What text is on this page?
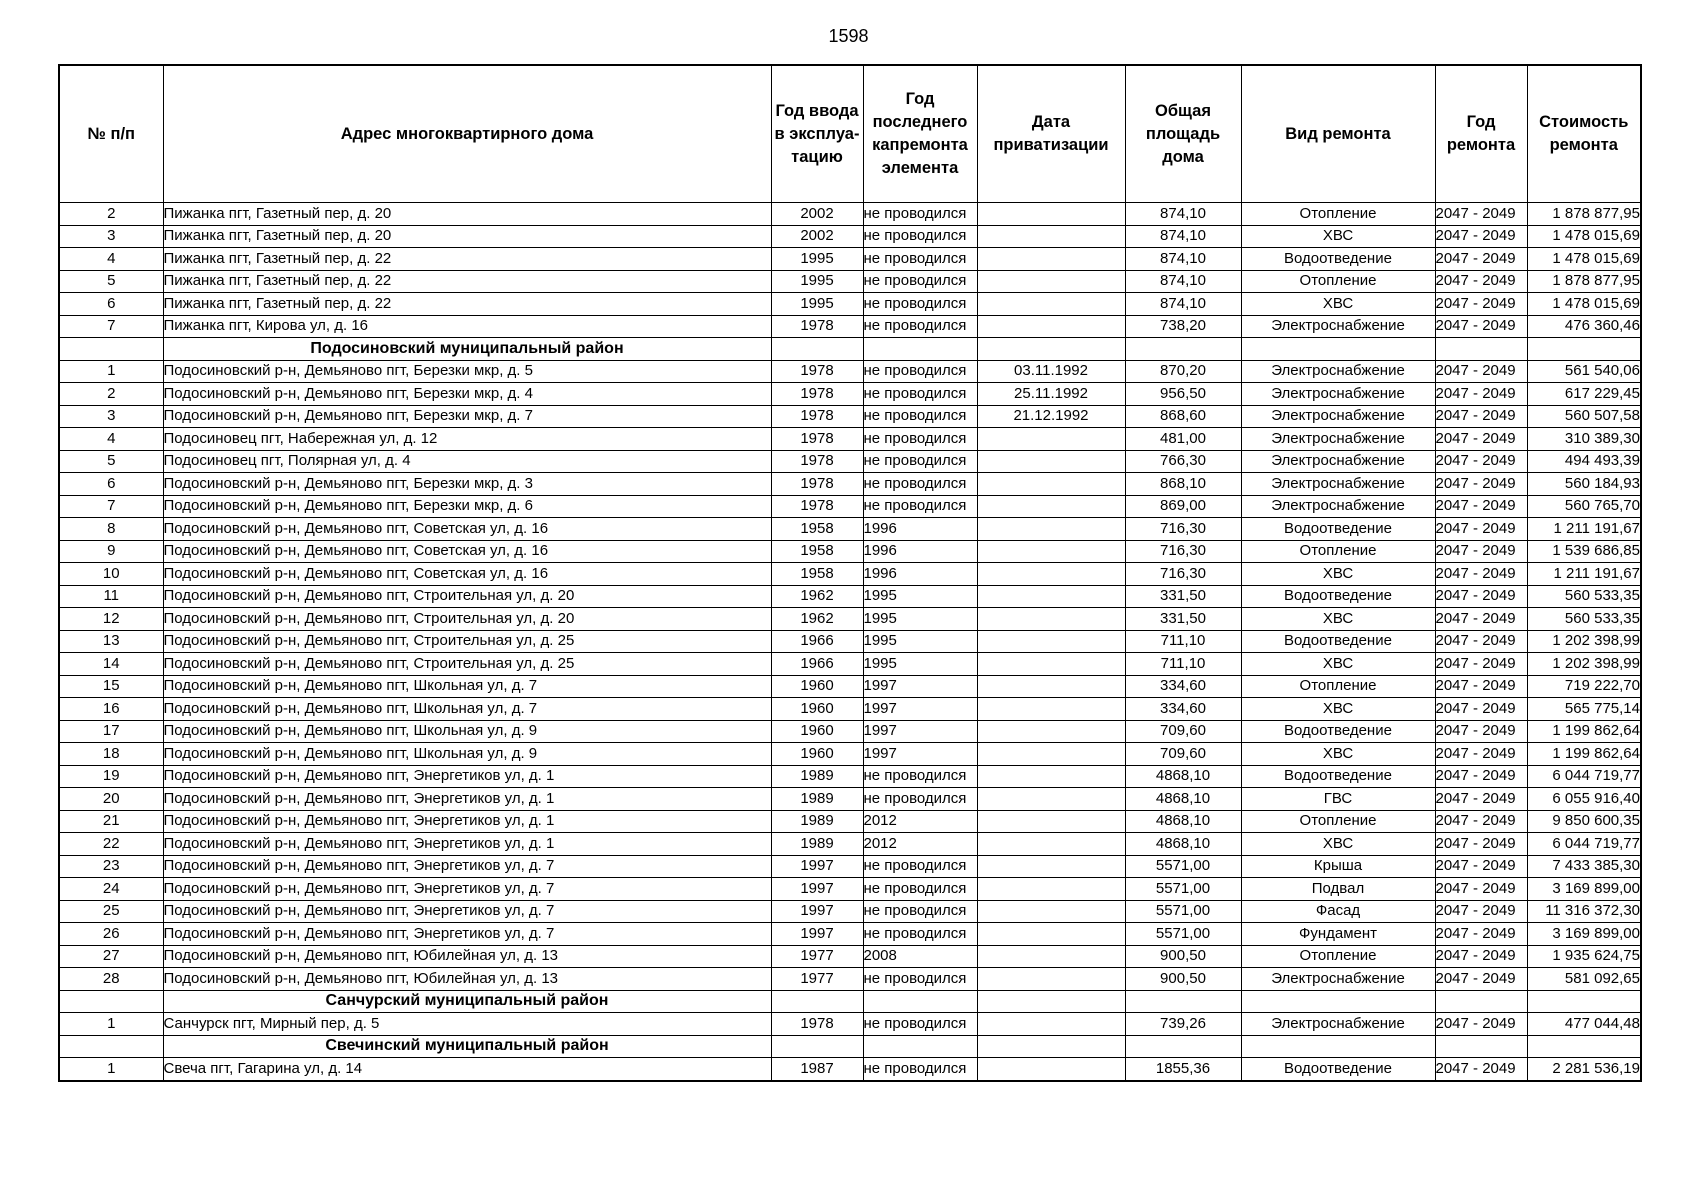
1598
№ п/п	Адрес многоквартирного дома	Год ввода в эксплуа-тацию	Год последнего капремонта элемента	Дата приватизации	Общая площадь дома	Вид ремонта	Год ремонта	Стоимость ремонта
2	Пижанка пгт, Газетный пер, д. 20	2002	не проводился		874,10	Отопление	2047 - 2049	1 878 877,95
3	Пижанка пгт, Газетный пер, д. 20	2002	не проводился		874,10	ХВС	2047 - 2049	1 478 015,69
4	Пижанка пгт, Газетный пер, д. 22	1995	не проводился		874,10	Водоотведение	2047 - 2049	1 478 015,69
5	Пижанка пгт, Газетный пер, д. 22	1995	не проводился		874,10	Отопление	2047 - 2049	1 878 877,95
6	Пижанка пгт, Газетный пер, д. 22	1995	не проводился		874,10	ХВС	2047 - 2049	1 478 015,69
7	Пижанка пгт, Кирова ул, д. 16	1978	не проводился		738,20	Электроснабжение	2047 - 2049	476 360,46
	Подосиновский муниципальный район							
1	Подосиновский р-н, Демьяново пгт, Березки мкр, д. 5	1978	не проводился	03.11.1992	870,20	Электроснабжение	2047 - 2049	561 540,06
2	Подосиновский р-н, Демьяново пгт, Березки мкр, д. 4	1978	не проводился	25.11.1992	956,50	Электроснабжение	2047 - 2049	617 229,45
3	Подосиновский р-н, Демьяново пгт, Березки мкр, д. 7	1978	не проводился	21.12.1992	868,60	Электроснабжение	2047 - 2049	560 507,58
4	Подосиновец пгт, Набережная ул, д. 12	1978	не проводился		481,00	Электроснабжение	2047 - 2049	310 389,30
5	Подосиновец пгт, Полярная ул, д. 4	1978	не проводился		766,30	Электроснабжение	2047 - 2049	494 493,39
6	Подосиновский р-н, Демьяново пгт, Березки мкр, д. 3	1978	не проводился		868,10	Электроснабжение	2047 - 2049	560 184,93
7	Подосиновский р-н, Демьяново пгт, Березки мкр, д. 6	1978	не проводился		869,00	Электроснабжение	2047 - 2049	560 765,70
8	Подосиновский р-н, Демьяново пгт, Советская ул, д. 16	1958	1996		716,30	Водоотведение	2047 - 2049	1 211 191,67
9	Подосиновский р-н, Демьяново пгт, Советская ул, д. 16	1958	1996		716,30	Отопление	2047 - 2049	1 539 686,85
10	Подосиновский р-н, Демьяново пгт, Советская ул, д. 16	1958	1996		716,30	ХВС	2047 - 2049	1 211 191,67
11	Подосиновский р-н, Демьяново пгт, Строительная ул, д. 20	1962	1995		331,50	Водоотведение	2047 - 2049	560 533,35
12	Подосиновский р-н, Демьяново пгт, Строительная ул, д. 20	1962	1995		331,50	ХВС	2047 - 2049	560 533,35
13	Подосиновский р-н, Демьяново пгт, Строительная ул, д. 25	1966	1995		711,10	Водоотведение	2047 - 2049	1 202 398,99
14	Подосиновский р-н, Демьяново пгт, Строительная ул, д. 25	1966	1995		711,10	ХВС	2047 - 2049	1 202 398,99
15	Подосиновский р-н, Демьяново пгт, Школьная ул, д. 7	1960	1997		334,60	Отопление	2047 - 2049	719 222,70
16	Подосиновский р-н, Демьяново пгт, Школьная ул, д. 7	1960	1997		334,60	ХВС	2047 - 2049	565 775,14
17	Подосиновский р-н, Демьяново пгт, Школьная ул, д. 9	1960	1997		709,60	Водоотведение	2047 - 2049	1 199 862,64
18	Подосиновский р-н, Демьяново пгт, Школьная ул, д. 9	1960	1997		709,60	ХВС	2047 - 2049	1 199 862,64
19	Подосиновский р-н, Демьяново пгт, Энергетиков ул, д. 1	1989	не проводился		4868,10	Водоотведение	2047 - 2049	6 044 719,77
20	Подосиновский р-н, Демьяново пгт, Энергетиков ул, д. 1	1989	не проводился		4868,10	ГВС	2047 - 2049	6 055 916,40
21	Подосиновский р-н, Демьяново пгт, Энергетиков ул, д. 1	1989	2012		4868,10	Отопление	2047 - 2049	9 850 600,35
22	Подосиновский р-н, Демьяново пгт, Энергетиков ул, д. 1	1989	2012		4868,10	ХВС	2047 - 2049	6 044 719,77
23	Подосиновский р-н, Демьяново пгт, Энергетиков ул, д. 7	1997	не проводился		5571,00	Крыша	2047 - 2049	7 433 385,30
24	Подосиновский р-н, Демьяново пгт, Энергетиков ул, д. 7	1997	не проводился		5571,00	Подвал	2047 - 2049	3 169 899,00
25	Подосиновский р-н, Демьяново пгт, Энергетиков ул, д. 7	1997	не проводился		5571,00	Фасад	2047 - 2049	11 316 372,30
26	Подосиновский р-н, Демьяново пгт, Энергетиков ул, д. 7	1997	не проводился		5571,00	Фундамент	2047 - 2049	3 169 899,00
27	Подосиновский р-н, Демьяново пгт, Юбилейная ул, д. 13	1977	2008		900,50	Отопление	2047 - 2049	1 935 624,75
28	Подосиновский р-н, Демьяново пгт, Юбилейная ул, д. 13	1977	не проводился		900,50	Электроснабжение	2047 - 2049	581 092,65
	Санчурский муниципальный район							
1	Санчурск пгт, Мирный пер, д. 5	1978	не проводился		739,26	Электроснабжение	2047 - 2049	477 044,48
	Свечинский муниципальный район							
1	Свеча пгт, Гагарина ул, д. 14	1987	не проводился		1855,36	Водоотведение	2047 - 2049	2 281 536,19
